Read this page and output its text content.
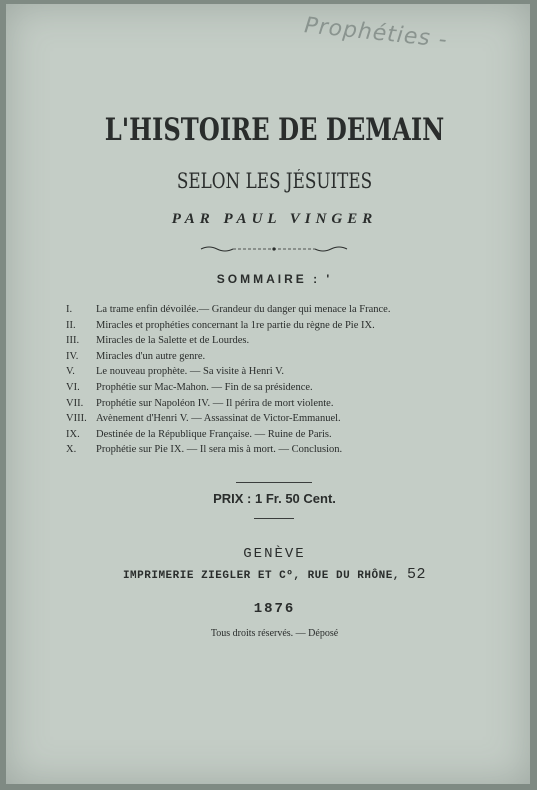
Prophéties -
L'HISTOIRE DE DEMAIN
SELON LES JÉSUITES
PAR PAUL VINGER
SOMMAIRE : '
I.	La trame enfin dévoilée.— Grandeur du danger qui menace la France.
II.	Miracles et prophéties concernant la 1re partie du règne de Pie IX.
III.	Miracles de la Salette et de Lourdes.
IV.	Miracles d'un autre genre.
V.	Le nouveau prophète. — Sa visite à Henri V.
VI.	Prophétie sur Mac-Mahon. — Fin de sa présidence.
VII.	Prophétie sur Napoléon IV. — Il périra de mort violente.
VIII. Avènement d'Henri V. — Assassinat de Victor-Emmanuel.
IX.	Destinée de la République Française. — Ruine de Paris.
X.	Prophétie sur Pie IX. — Il sera mis à mort. — Conclusion.
PRIX : 1 Fr. 50 Cent.
GENÈVE
IMPRIMERIE ZIEGLER ET Cº, RUE DU RHÔNE, 52
1876
Tous droits réservés. — Déposé
